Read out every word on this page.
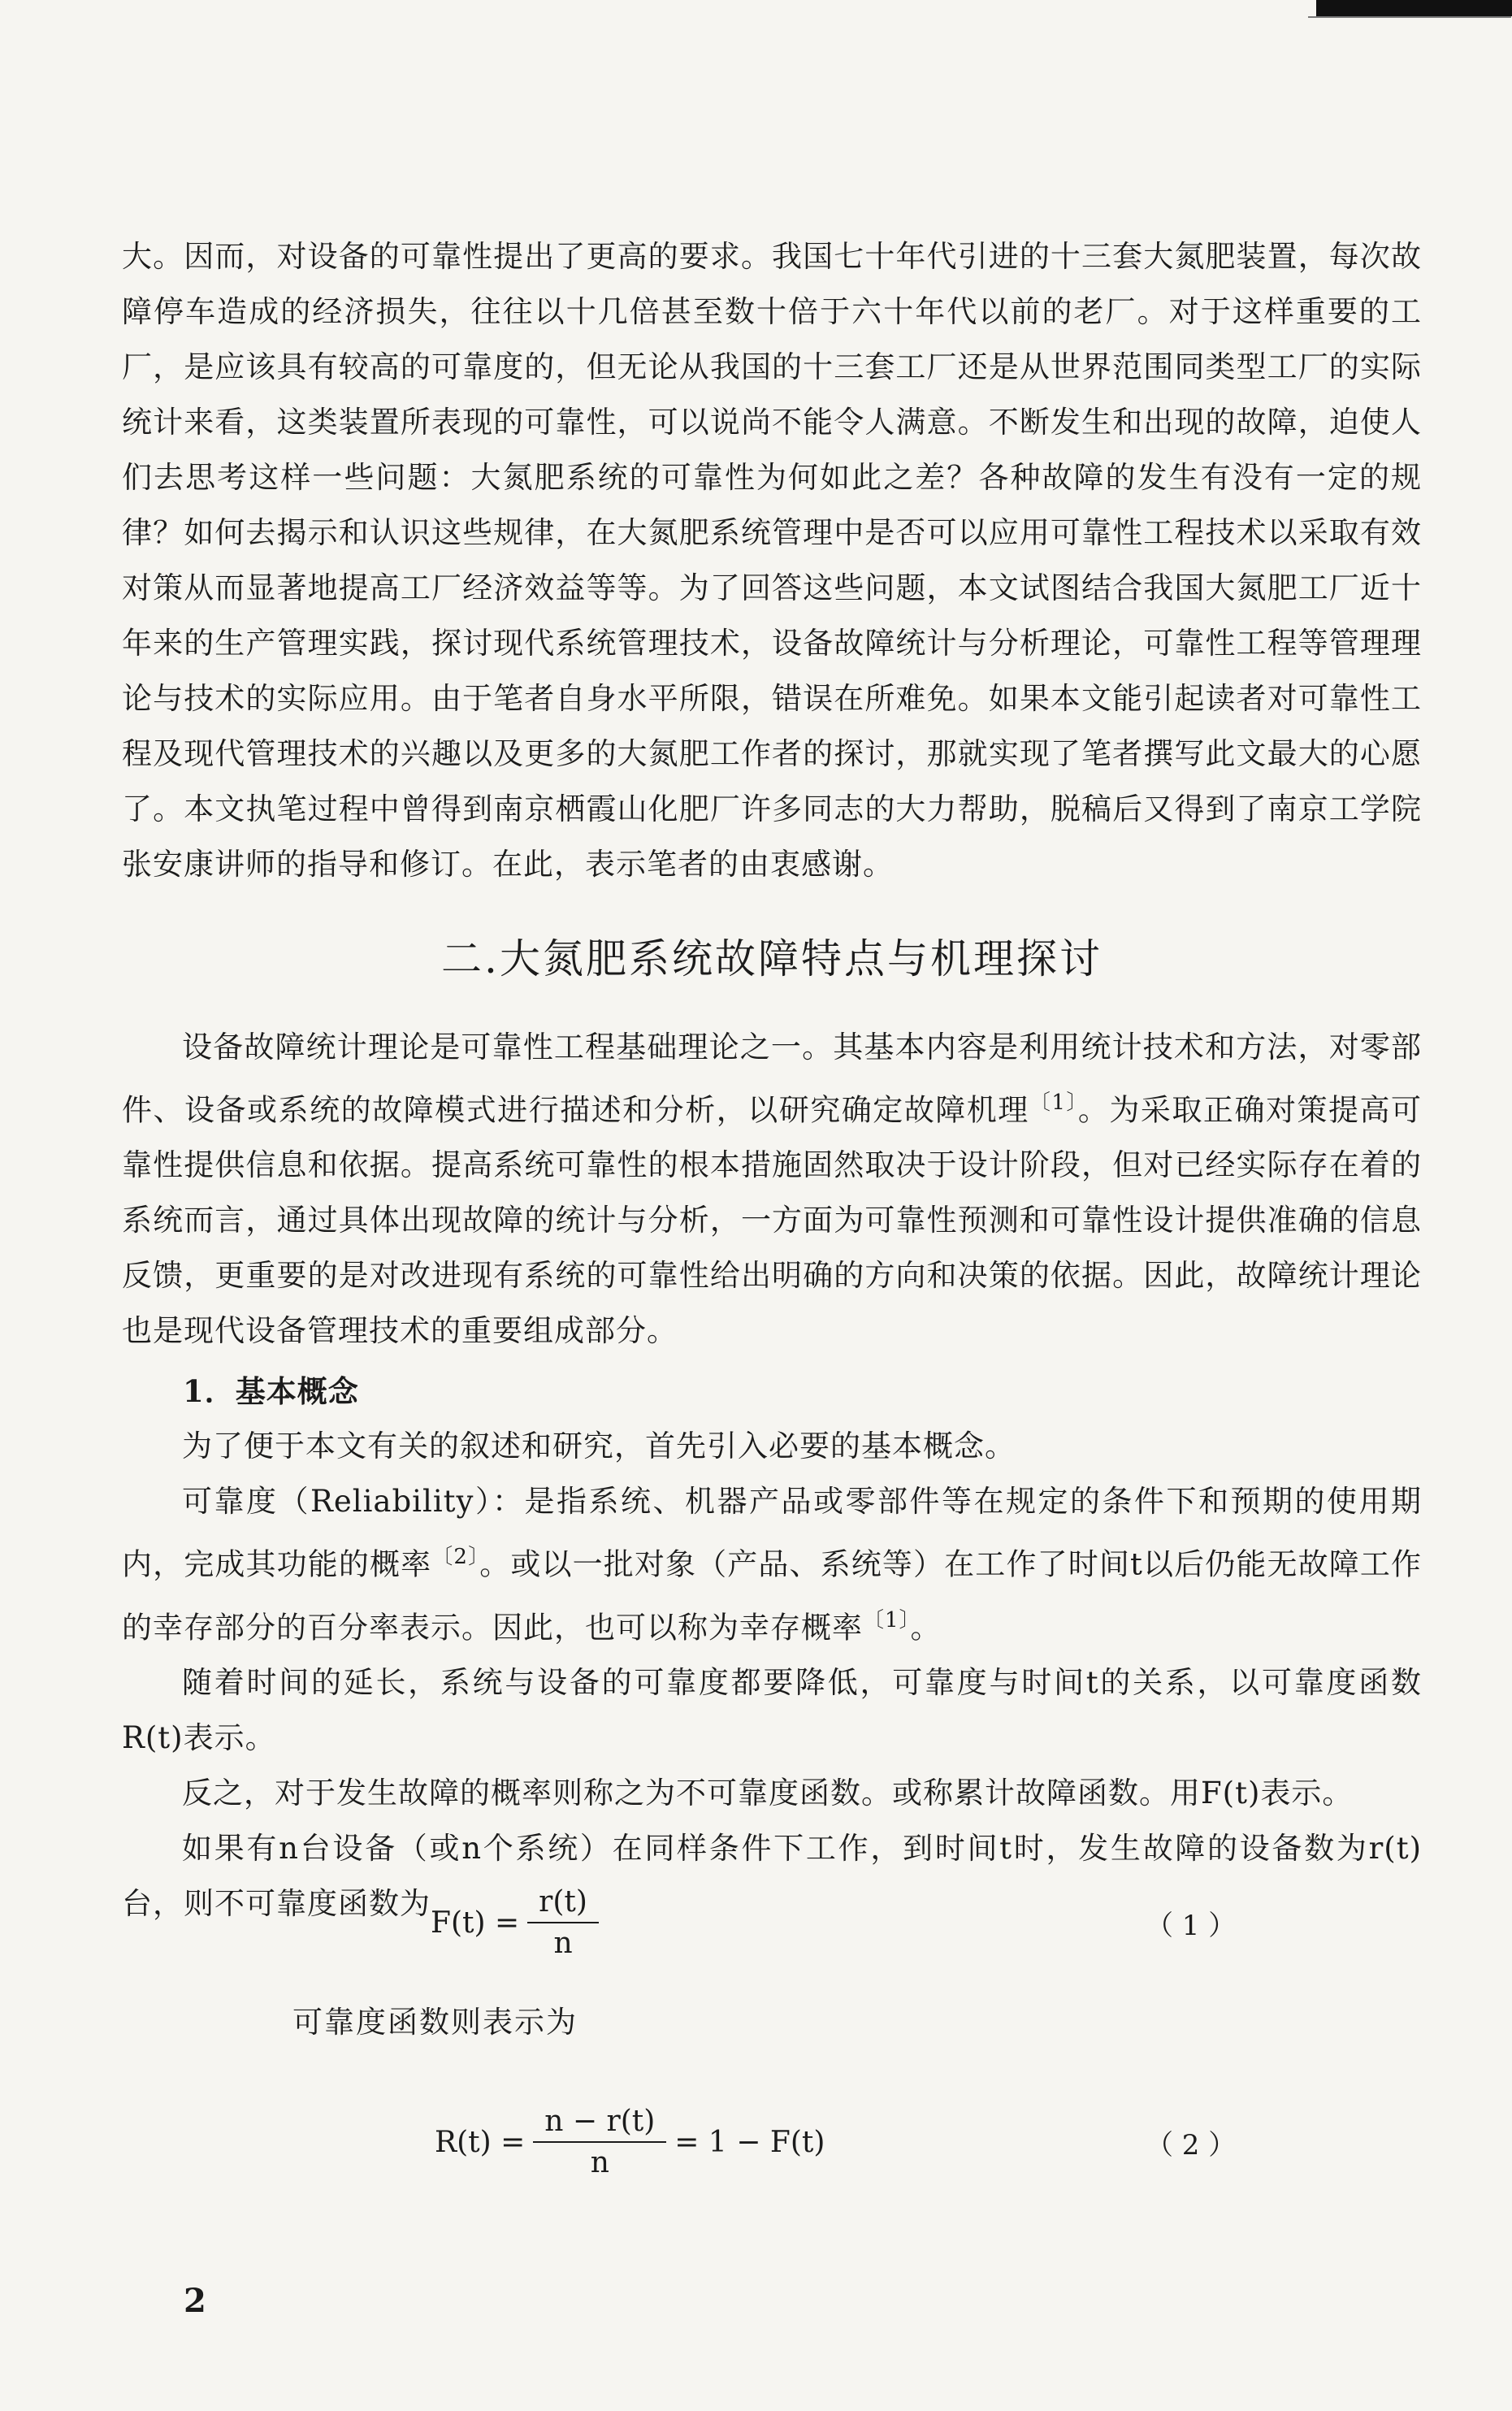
大。因而，对设备的可靠性提出了更高的要求。我国七十年代引进的十三套大氮肥装置，每次故障停车造成的经济损失，往往以十几倍甚至数十倍于六十年代以前的老厂。对于这样重要的工厂，是应该具有较高的可靠度的，但无论从我国的十三套工厂还是从世界范围同类型工厂的实际统计来看，这类装置所表现的可靠性，可以说尚不能令人满意。不断发生和出现的故障，迫使人们去思考这样一些问题：大氮肥系统的可靠性为何如此之差？各种故障的发生有没有一定的规律？如何去揭示和认识这些规律，在大氮肥系统管理中是否可以应用可靠性工程技术以采取有效对策从而显著地提高工厂经济效益等等。为了回答这些问题，本文试图结合我国大氮肥工厂近十年来的生产管理实践，探讨现代系统管理技术，设备故障统计与分析理论，可靠性工程等管理理论与技术的实际应用。由于笔者自身水平所限，错误在所难免。如果本文能引起读者对可靠性工程及现代管理技术的兴趣以及更多的大氮肥工作者的探讨，那就实现了笔者撰写此文最大的心愿了。本文执笔过程中曾得到南京栖霞山化肥厂许多同志的大力帮助，脱稿后又得到了南京工学院张安康讲师的指导和修订。在此，表示笔者的由衷感谢。

二.大氮肥系统故障特点与机理探讨

设备故障统计理论是可靠性工程基础理论之一。其基本内容是利用统计技术和方法，对零部件、设备或系统的故障模式进行描述和分析，以研究确定故障机理$^{〔1〕}$。为采取正确对策提高可靠性提供信息和依据。提高系统可靠性的根本措施固然取决于设计阶段，但对已经实际存在着的系统而言，通过具体出现故障的统计与分析，一方面为可靠性预测和可靠性设计提供准确的信息反馈，更重要的是对改进现有系统的可靠性给出明确的方向和决策的依据。因此，故障统计理论也是现代设备管理技术的重要组成部分。

1．基本概念

为了便于本文有关的叙述和研究，首先引入必要的基本概念。

可靠度（Reliability）：是指系统、机器产品或零部件等在规定的条件下和预期的使用期内，完成其功能的概率$^{〔2〕}$。或以一批对象（产品、系统等）在工作了时间t以后仍能无故障工作的幸存部分的百分率表示。因此，也可以称为幸存概率$^{〔1〕}$。

随着时间的延长，系统与设备的可靠度都要降低，可靠度与时间t的关系，以可靠度函数R(t)表示。

反之，对于发生故障的概率则称之为不可靠度函数。或称累计故障函数。用F(t)表示。

如果有n台设备（或n个系统）在同样条件下工作，到时间t时，发生故障的设备数为r(t)台，则不可靠度函数为

$F(t) = \frac{r(t)}{n}$	（ 1 ）
可靠度函数则表示为
$R(t) = \frac{n - r(t)}{n} = 1 - F(t)$	（ 2 ）
2
